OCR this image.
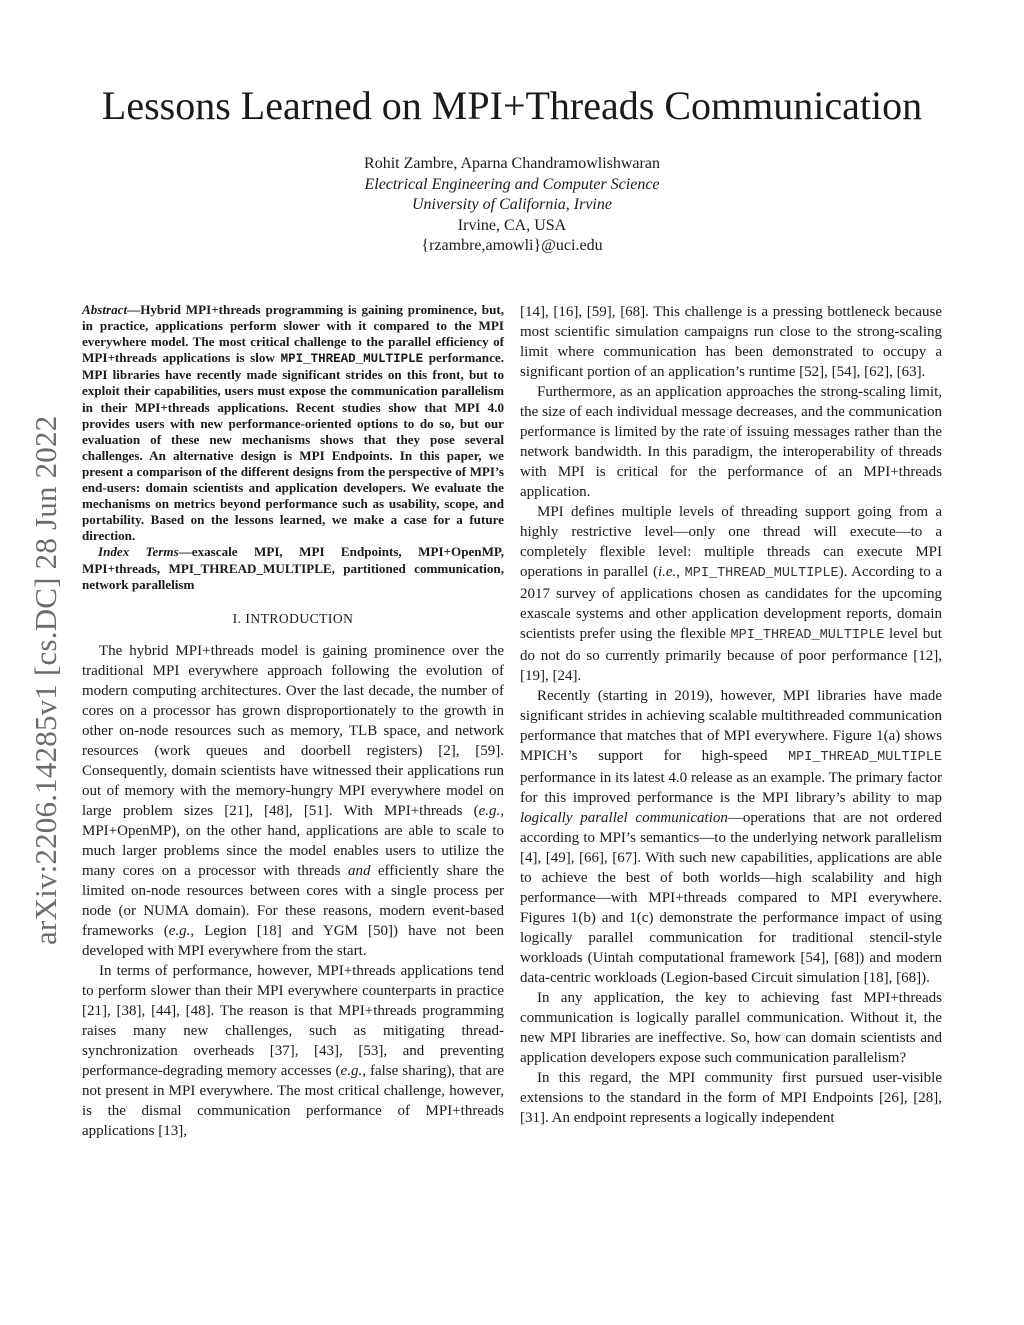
arXiv:2206.14285v1 [cs.DC] 28 Jun 2022
Lessons Learned on MPI+Threads Communication
Rohit Zambre, Aparna Chandramowlishwaran
Electrical Engineering and Computer Science
University of California, Irvine
Irvine, CA, USA
{rzambre,amowli}@uci.edu

Abstract—Hybrid MPI+threads programming is gaining prominence, but, in practice, applications perform slower with it compared to the MPI everywhere model. The most critical challenge to the parallel efficiency of MPI+threads applications is slow MPI_THREAD_MULTIPLE performance. MPI libraries have recently made significant strides on this front, but to exploit their capabilities, users must expose the communication parallelism in their MPI+threads applications. Recent studies show that MPI 4.0 provides users with new performance-oriented options to do so, but our evaluation of these new mechanisms shows that they pose several challenges. An alternative design is MPI Endpoints. In this paper, we present a comparison of the different designs from the perspective of MPI’s end-users: domain scientists and application developers. We evaluate the mechanisms on metrics beyond performance such as usability, scope, and portability. Based on the lessons learned, we make a case for a future direction.

Index Terms—exascale MPI, MPI Endpoints, MPI+OpenMP, MPI+threads, MPI_THREAD_MULTIPLE, partitioned communication, network parallelism

I. INTRODUCTION

The hybrid MPI+threads model is gaining prominence over the traditional MPI everywhere approach following the evolution of modern computing architectures. Over the last decade, the number of cores on a processor has grown disproportionately to the growth in other on-node resources such as memory, TLB space, and network resources (work queues and doorbell registers) [2], [59]. Consequently, domain scientists have witnessed their applications run out of memory with the memory-hungry MPI everywhere model on large problem sizes [21], [48], [51]. With MPI+threads (e.g., MPI+OpenMP), on the other hand, applications are able to scale to much larger problems since the model enables users to utilize the many cores on a processor with threads and efficiently share the limited on-node resources between cores with a single process per node (or NUMA domain). For these reasons, modern event-based frameworks (e.g., Legion [18] and YGM [50]) have not been developed with MPI everywhere from the start.

In terms of performance, however, MPI+threads applications tend to perform slower than their MPI everywhere counterparts in practice [21], [38], [44], [48]. The reason is that MPI+threads programming raises many new challenges, such as mitigating thread-synchronization overheads [37], [43], [53], and preventing performance-degrading memory accesses (e.g., false sharing), that are not present in MPI everywhere. The most critical challenge, however, is the dismal communication performance of MPI+threads applications [13],

[14], [16], [59], [68]. This challenge is a pressing bottleneck because most scientific simulation campaigns run close to the strong-scaling limit where communication has been demonstrated to occupy a significant portion of an application’s runtime [52], [54], [62], [63].

Furthermore, as an application approaches the strong-scaling limit, the size of each individual message decreases, and the communication performance is limited by the rate of issuing messages rather than the network bandwidth. In this paradigm, the interoperability of threads with MPI is critical for the performance of an MPI+threads application.

MPI defines multiple levels of threading support going from a highly restrictive level—only one thread will execute—to a completely flexible level: multiple threads can execute MPI operations in parallel (i.e., MPI_THREAD_MULTIPLE). According to a 2017 survey of applications chosen as candidates for the upcoming exascale systems and other application development reports, domain scientists prefer using the flexible MPI_THREAD_MULTIPLE level but do not do so currently primarily because of poor performance [12], [19], [24].

Recently (starting in 2019), however, MPI libraries have made significant strides in achieving scalable multithreaded communication performance that matches that of MPI everywhere. Figure 1(a) shows MPICH’s support for high-speed MPI_THREAD_MULTIPLE performance in its latest 4.0 release as an example. The primary factor for this improved performance is the MPI library’s ability to map logically parallel communication—operations that are not ordered according to MPI’s semantics—to the underlying network parallelism [4], [49], [66], [67]. With such new capabilities, applications are able to achieve the best of both worlds—high scalability and high performance—with MPI+threads compared to MPI everywhere. Figures 1(b) and 1(c) demonstrate the performance impact of using logically parallel communication for traditional stencil-style workloads (Uintah computational framework [54], [68]) and modern data-centric workloads (Legion-based Circuit simulation [18], [68]).

In any application, the key to achieving fast MPI+threads communication is logically parallel communication. Without it, the new MPI libraries are ineffective. So, how can domain scientists and application developers expose such communication parallelism?

In this regard, the MPI community first pursued user-visible extensions to the standard in the form of MPI Endpoints [26], [28], [31]. An endpoint represents a logically independent
